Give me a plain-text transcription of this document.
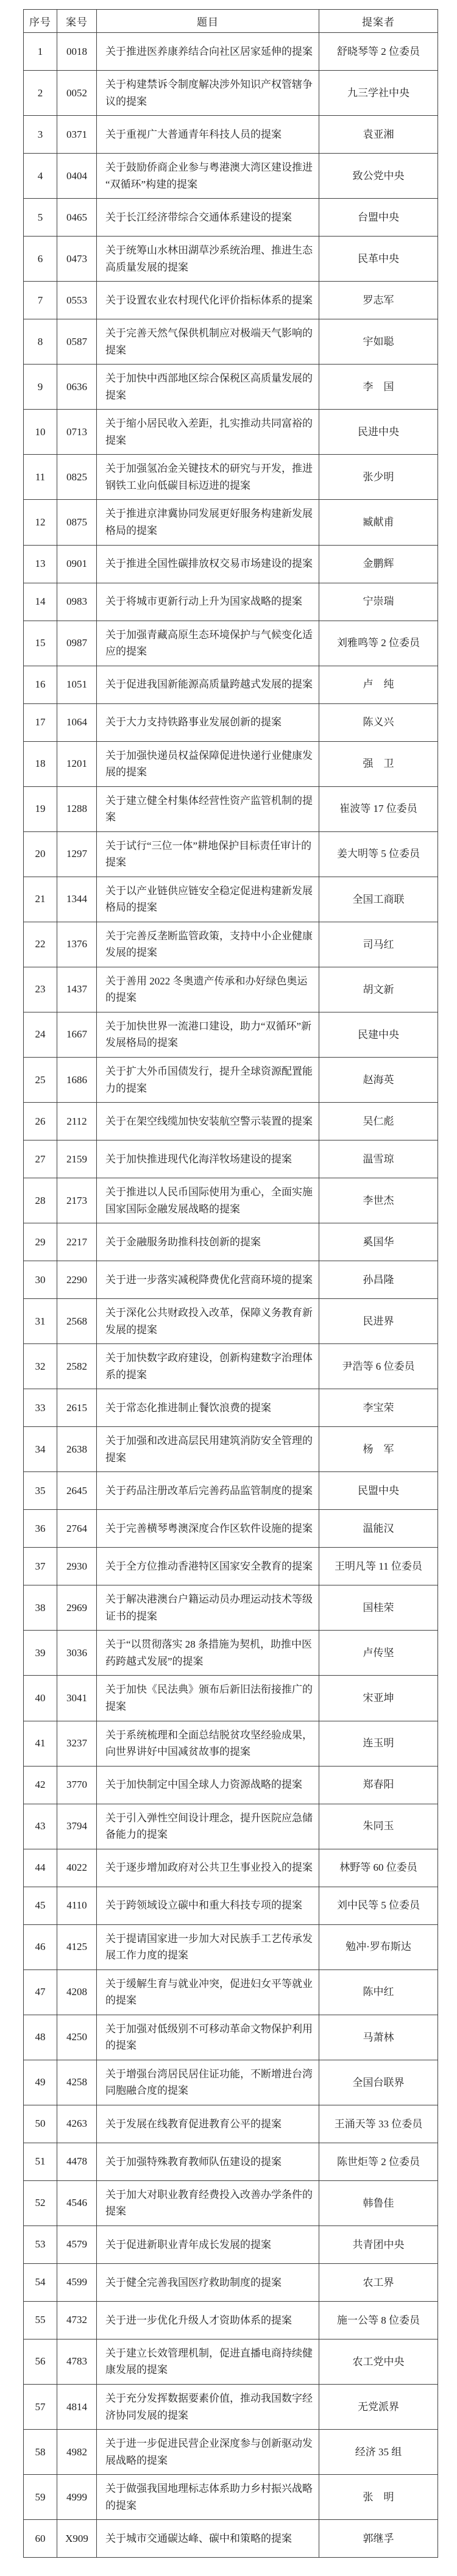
序号	案号	题目	提案者
1	0018	关于推进医养康养结合向社区居家延伸的提案	舒晓琴等 2 位委员
2	0052	关于构建禁诉令制度解决涉外知识产权管辖争议的提案	九三学社中央
3	0371	关于重视广大普通青年科技人员的提案	袁亚湘
4	0404	关于鼓励侨商企业参与粤港澳大湾区建设推进“双循环”构建的提案	致公党中央
5	0465	关于长江经济带综合交通体系建设的提案	台盟中央
6	0473	关于统筹山水林田湖草沙系统治理、推进生态高质量发展的提案	民革中央
7	0553	关于设置农业农村现代化评价指标体系的提案	罗志军
8	0587	关于完善天然气保供机制应对极端天气影响的提案	宇如聪
9	0636	关于加快中西部地区综合保税区高质量发展的提案	李　国
10	0713	关于缩小居民收入差距，扎实推动共同富裕的提案	民进中央
11	0825	关于加强氢冶金关键技术的研究与开发，推进钢铁工业向低碳目标迈进的提案	张少明
12	0875	关于推进京津冀协同发展更好服务构建新发展格局的提案	臧献甫
13	0901	关于推进全国性碳排放权交易市场建设的提案	金鹏辉
14	0983	关于将城市更新行动上升为国家战略的提案	宁崇瑞
15	0987	关于加强青藏高原生态环境保护与气候变化适应的提案	刘雅鸣等 2 位委员
16	1051	关于促进我国新能源高质量跨越式发展的提案	卢　纯
17	1064	关于大力支持铁路事业发展创新的提案	陈义兴
18	1201	关于加强快递员权益保障促进快递行业健康发展的提案	强　卫
19	1288	关于建立健全村集体经营性资产监管机制的提案	崔波等 17 位委员
20	1297	关于试行“三位一体”耕地保护目标责任审计的提案	姜大明等 5 位委员
21	1344	关于以产业链供应链安全稳定促进构建新发展格局的提案	全国工商联
22	1376	关于完善反垄断监管政策，支持中小企业健康发展的提案	司马红
23	1437	关于善用 2022 冬奥遗产传承和办好绿色奥运的提案	胡文新
24	1667	关于加快世界一流港口建设，助力“双循环”新发展格局的提案	民建中央
25	1686	关于扩大外币国债发行，提升全球资源配置能力的提案	赵海英
26	2112	关于在架空线缆加快安装航空警示装置的提案	吴仁彪
27	2159	关于加快推进现代化海洋牧场建设的提案	温雪琼
28	2173	关于推进以人民币国际使用为重心，全面实施国家国际金融发展战略的提案	李世杰
29	2217	关于金融服务助推科技创新的提案	奚国华
30	2290	关于进一步落实减税降费优化营商环境的提案	孙昌隆
31	2568	关于深化公共财政投入改革，保障义务教育新发展的提案	民进界
32	2582	关于加快数字政府建设，创新构建数字治理体系的提案	尹浩等 6 位委员
33	2615	关于常态化推进制止餐饮浪费的提案	李宝荣
34	2638	关于加强和改进高层民用建筑消防安全管理的提案	杨　军
35	2645	关于药品注册改革后完善药品监管制度的提案	民盟中央
36	2764	关于完善横琴粤澳深度合作区软件设施的提案	温能汉
37	2930	关于全方位推动香港特区国家安全教育的提案	王明凡等 11 位委员
38	2969	关于解决港澳台户籍运动员办理运动技术等级证书的提案	国桂荣
39	3036	关于“以贯彻落实 28 条措施为契机，助推中医药跨越式发展”的提案	卢传坚
40	3041	关于加快《民法典》颁布后新旧法衔接推广的提案	宋亚坤
41	3237	关于系统梳理和全面总结脱贫攻坚经验成果，向世界讲好中国减贫故事的提案	连玉明
42	3770	关于加快制定中国全球人力资源战略的提案	郑春阳
43	3794	关于引入弹性空间设计理念，提升医院应急储备能力的提案	朱同玉
44	4022	关于逐步增加政府对公共卫生事业投入的提案	林野等 60 位委员
45	4110	关于跨领域设立碳中和重大科技专项的提案	刘中民等 5 位委员
46	4125	关于提请国家进一步加大对民族手工艺传承发展工作力度的提案	勉冲·罗布斯达
47	4208	关于缓解生育与就业冲突，促进妇女平等就业的提案	陈中红
48	4250	关于加强对低级别不可移动革命文物保护利用的提案	马萧林
49	4258	关于增强台湾居民居住证功能，不断增进台湾同胞融合度的提案	全国台联界
50	4263	关于发展在线教育促进教育公平的提案	王涌天等 33 位委员
51	4478	关于加强特殊教育教师队伍建设的提案	陈世炬等 2 位委员
52	4546	关于加大对职业教育经费投入改善办学条件的提案	韩鲁佳
53	4579	关于促进新职业青年成长发展的提案	共青团中央
54	4599	关于健全完善我国医疗救助制度的提案	农工界
55	4732	关于进一步优化升级人才资助体系的提案	施一公等 8 位委员
56	4783	关于建立长效管理机制，促进直播电商持续健康发展的提案	农工党中央
57	4814	关于充分发挥数据要素价值，推动我国数字经济协同发展的提案	无党派界
58	4982	关于进一步促进民营企业深度参与创新驱动发展战略的提案	经济 35 组
59	4999	关于做强我国地理标志体系助力乡村振兴战略的提案	张　明
60	X909	关于城市交通碳达峰、碳中和策略的提案	郭继孚
